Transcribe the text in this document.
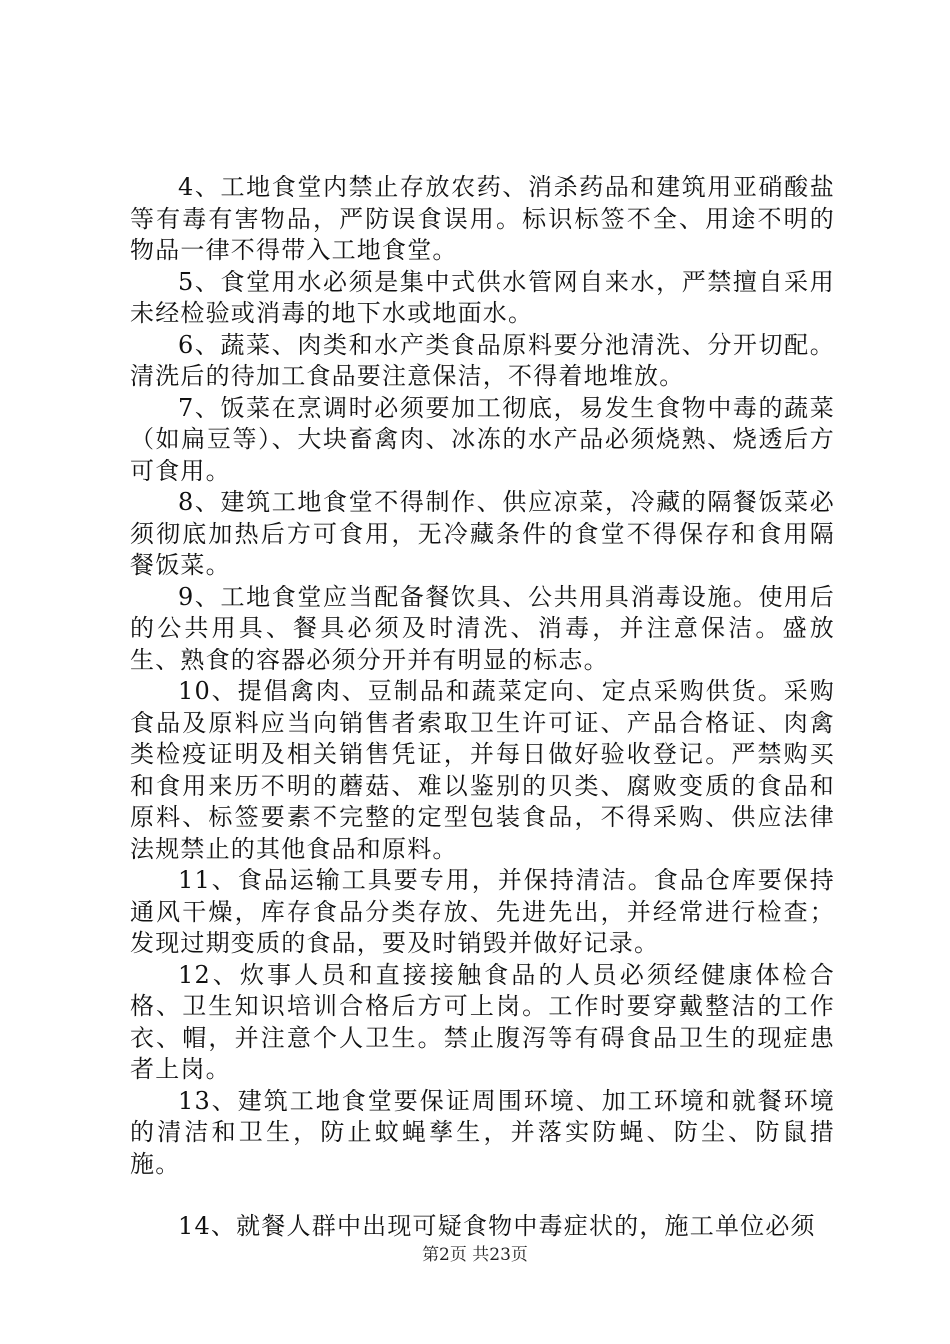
4、工地食堂内禁止存放农药、消杀药品和建筑用亚硝酸盐等有毒有害物品，严防误食误用。标识标签不全、用途不明的物品一律不得带入工地食堂。

5、食堂用水必须是集中式供水管网自来水，严禁擅自采用未经检验或消毒的地下水或地面水。

6、蔬菜、肉类和水产类食品原料要分池清洗、分开切配。清洗后的待加工食品要注意保洁，不得着地堆放。

7、饭菜在烹调时必须要加工彻底，易发生食物中毒的蔬菜（如扁豆等）、大块畜禽肉、冰冻的水产品必须烧熟、烧透后方可食用。

8、建筑工地食堂不得制作、供应凉菜，冷藏的隔餐饭菜必须彻底加热后方可食用，无冷藏条件的食堂不得保存和食用隔餐饭菜。

9、工地食堂应当配备餐饮具、公共用具消毒设施。使用后的公共用具、餐具必须及时清洗、消毒，并注意保洁。盛放生、熟食的容器必须分开并有明显的标志。

10、提倡禽肉、豆制品和蔬菜定向、定点采购供货。采购食品及原料应当向销售者索取卫生许可证、产品合格证、肉禽类检疫证明及相关销售凭证，并每日做好验收登记。严禁购买和食用来历不明的蘑菇、难以鉴别的贝类、腐败变质的食品和原料、标签要素不完整的定型包装食品，不得采购、供应法律法规禁止的其他食品和原料。

11、食品运输工具要专用，并保持清洁。食品仓库要保持通风干燥，库存食品分类存放、先进先出，并经常进行检查；发现过期变质的食品，要及时销毁并做好记录。

12、炊事人员和直接接触食品的人员必须经健康体检合格、卫生知识培训合格后方可上岗。工作时要穿戴整洁的工作衣、帽，并注意个人卫生。禁止腹泻等有碍食品卫生的现症患者上岗。

13、建筑工地食堂要保证周围环境、加工环境和就餐环境的清洁和卫生，防止蚊蝇孳生，并落实防蝇、防尘、防鼠措施。

14、就餐人群中出现可疑食物中毒症状的，施工单位必须

第2页 共23页
